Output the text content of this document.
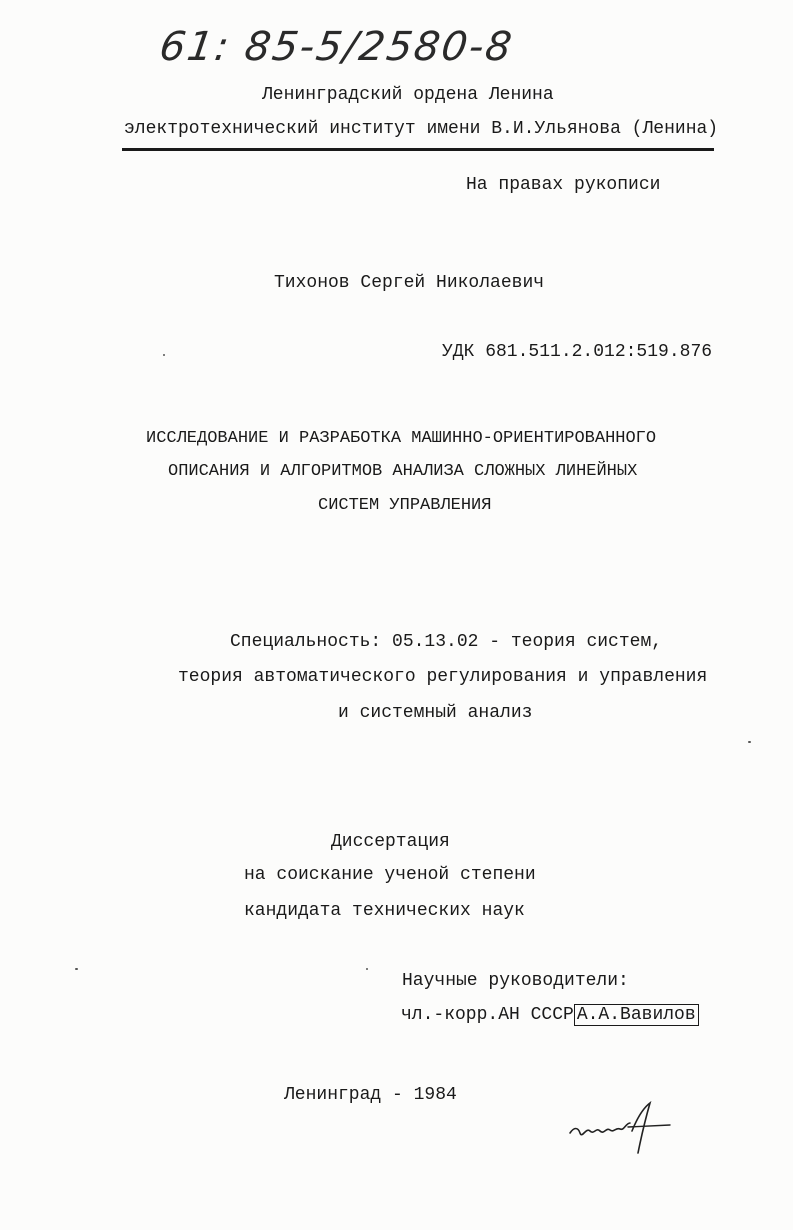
61: 85-5/2580-8
Ленинградский ордена Ленина
электротехнический институт имени В.И.Ульянова (Ленина)
На правах рукописи
Тихонов Сергей Николаевич
УДК 681.511.2.012:519.876
ИССЛЕДОВАНИЕ И РАЗРАБОТКА МАШИННО-ОРИЕНТИРОВАННОГО
ОПИСАНИЯ И АЛГОРИТМОВ АНАЛИЗА СЛОЖНЫХ ЛИНЕЙНЫХ
СИСТЕМ УПРАВЛЕНИЯ
Специальность: 05.13.02 - теория систем,
теория автоматического регулирования и управления
и системный анализ
Диссертация
на соискание ученой степени
кандидата технических наук
Научные руководители:
чл.-корр.АН СССР А.А.Вавилов
Ленинград - 1984
